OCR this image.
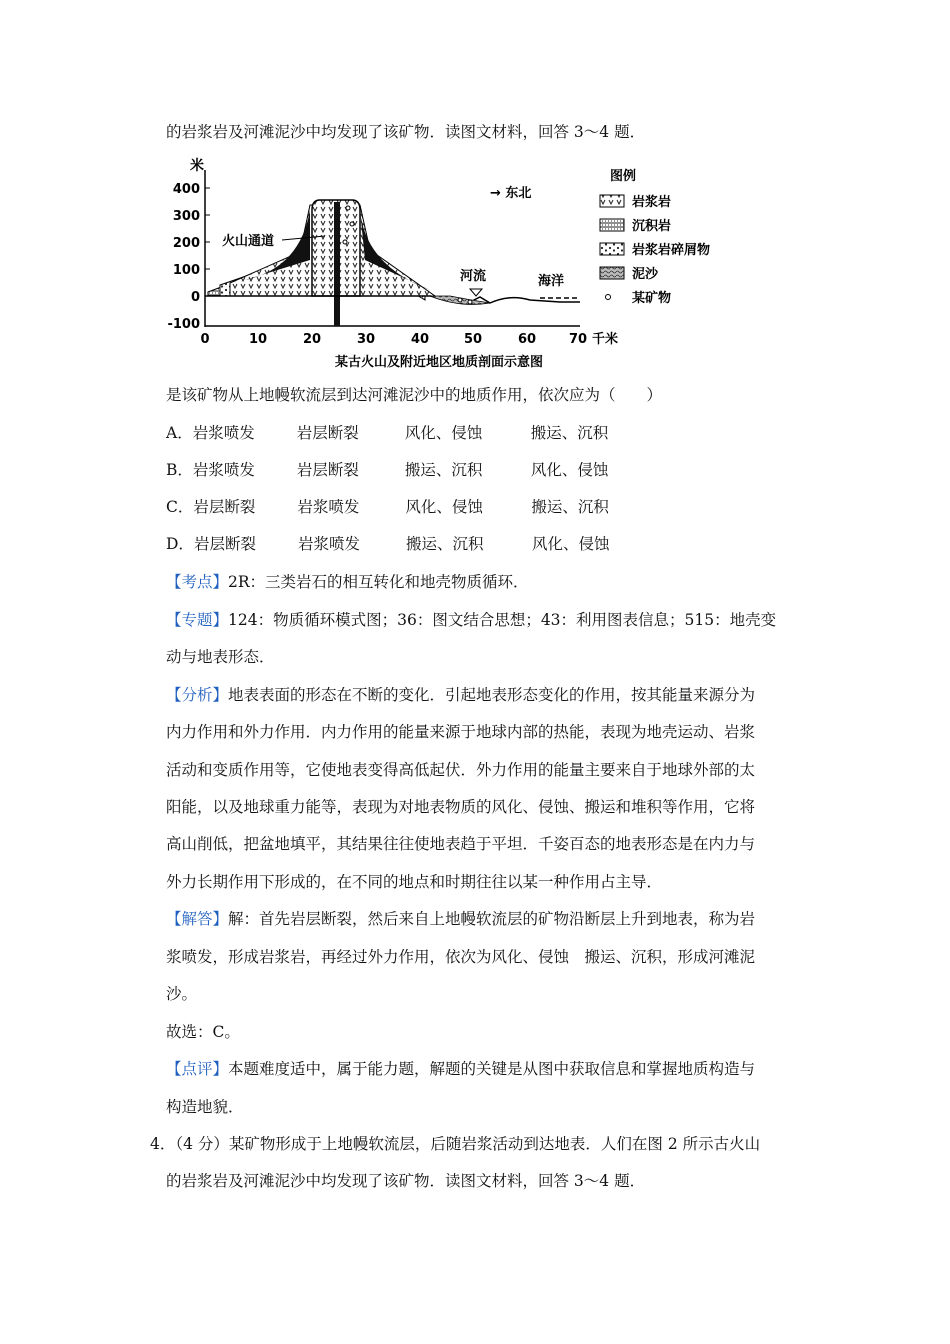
的岩浆岩及河滩泥沙中均发现了该矿物．读图文材料，回答 3～4 题．
米
400
300
200
100
0
-100
0	10	20	30	40	50	60	70 千米
→ 东北
火山通道
河流	海洋
图例
岩浆岩
沉积岩
岩浆岩碎屑物
泥沙
某矿物
某古火山及附近地区地质剖面示意图
是该矿物从上地幔软流层到达河滩泥沙中的地质作用，依次应为（　　）
A．岩浆喷发	岩层断裂	风化、侵蚀	搬运、沉积
B．岩浆喷发	岩层断裂	搬运、沉积	风化、侵蚀
C．岩层断裂	岩浆喷发	风化、侵蚀	搬运、沉积
D．岩层断裂	岩浆喷发	搬运、沉积	风化、侵蚀
【考点】2R：三类岩石的相互转化和地壳物质循环．
【专题】124：物质循环模式图；36：图文结合思想；43：利用图表信息；515：地壳变
动与地表形态．
【分析】地表表面的形态在不断的变化．引起地表形态变化的作用，按其能量来源分为
内力作用和外力作用．内力作用的能量来源于地球内部的热能，表现为地壳运动、岩浆
活动和变质作用等，它使地表变得高低起伏．外力作用的能量主要来自于地球外部的太
阳能，以及地球重力能等，表现为对地表物质的风化、侵蚀、搬运和堆积等作用，它将
高山削低，把盆地填平，其结果往往使地表趋于平坦．千姿百态的地表形态是在内力与
外力长期作用下形成的，在不同的地点和时期往往以某一种作用占主导．
【解答】解：首先岩层断裂，然后来自上地幔软流层的矿物沿断层上升到地表，称为岩
浆喷发，形成岩浆岩，再经过外力作用，依次为风化、侵蚀　搬运、沉积，形成河滩泥
沙。
故选：C。
【点评】本题难度适中，属于能力题，解题的关键是从图中获取信息和掌握地质构造与
构造地貌．
4．（4 分）某矿物形成于上地幔软流层，后随岩浆活动到达地表．人们在图 2 所示古火山
的岩浆岩及河滩泥沙中均发现了该矿物．读图文材料，回答 3～4 题．
